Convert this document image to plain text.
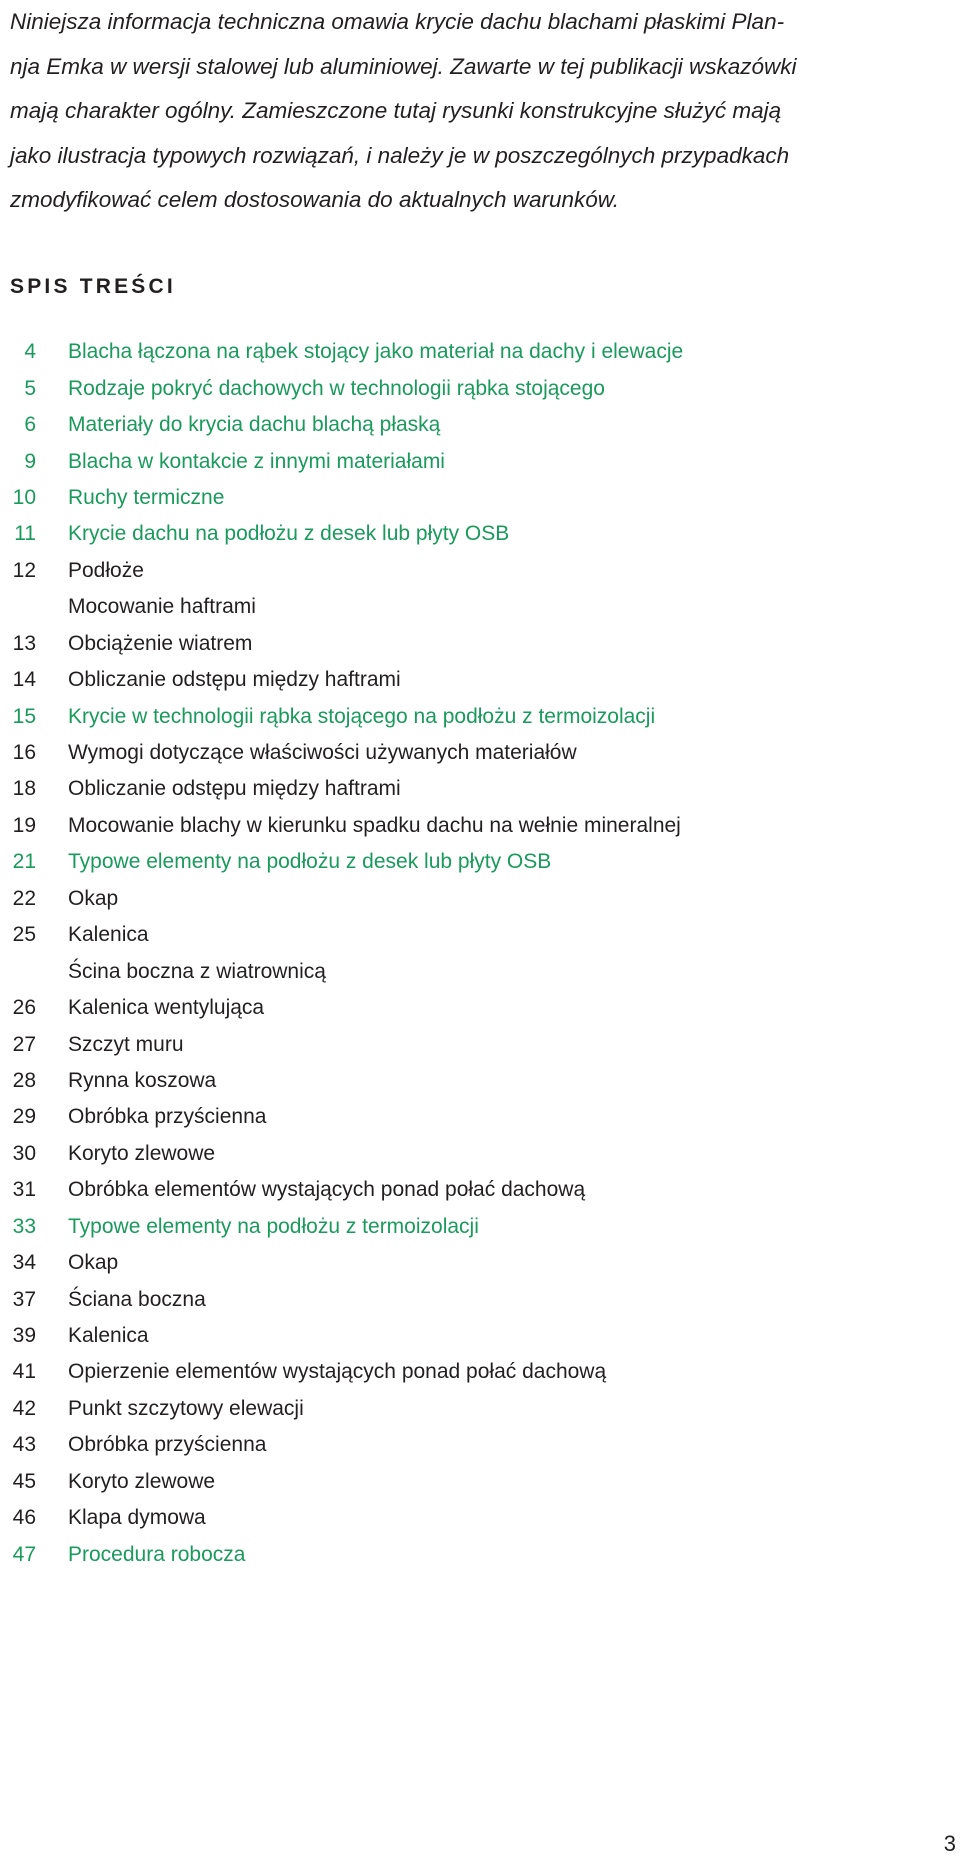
Niniejsza informacja techniczna omawia krycie dachu blachami płaskimi Plan-
nja Emka w wersji stalowej lub aluminiowej. Zawarte w tej publikacji wskazówki
mają charakter ogólny. Zamieszczone tutaj rysunki konstrukcyjne służyć mają
jako ilustracja typowych rozwiązań, i należy je w poszczególnych przypadkach
zmodyfikować celem dostosowania do aktualnych warunków.
SPIS TREŚCI
4 Blacha łączona na rąbek stojący jako materiał na dachy i elewacje
5 Rodzaje pokryć dachowych w technologii rąbka stojącego
6 Materiały do krycia dachu blachą płaską
9 Blacha w kontakcie z innymi materiałami
10 Ruchy termiczne
11 Krycie dachu na podłożu z desek lub płyty OSB
12 Podłoże
Mocowanie haftrami
13 Obciążenie wiatrem
14 Obliczanie odstępu między haftrami
15 Krycie w technologii rąbka stojącego na podłożu z termoizolacji
16 Wymogi dotyczące właściwości używanych materiałów
18 Obliczanie odstępu między haftrami
19 Mocowanie blachy w kierunku spadku dachu na wełnie mineralnej
21 Typowe elementy na podłożu z desek lub płyty OSB
22 Okap
25 Kalenica
Ścina boczna z wiatrownicą
26 Kalenica wentylująca
27 Szczyt muru
28 Rynna koszowa
29 Obróbka przyścienna
30 Koryto zlewowe
31 Obróbka elementów wystających ponad połać dachową
33 Typowe elementy na podłożu z termoizolacji
34 Okap
37 Ściana boczna
39 Kalenica
41 Opierzenie elementów wystających ponad połać dachową
42 Punkt szczytowy elewacji
43 Obróbka przyścienna
45 Koryto zlewowe
46 Klapa dymowa
47 Procedura robocza
3
